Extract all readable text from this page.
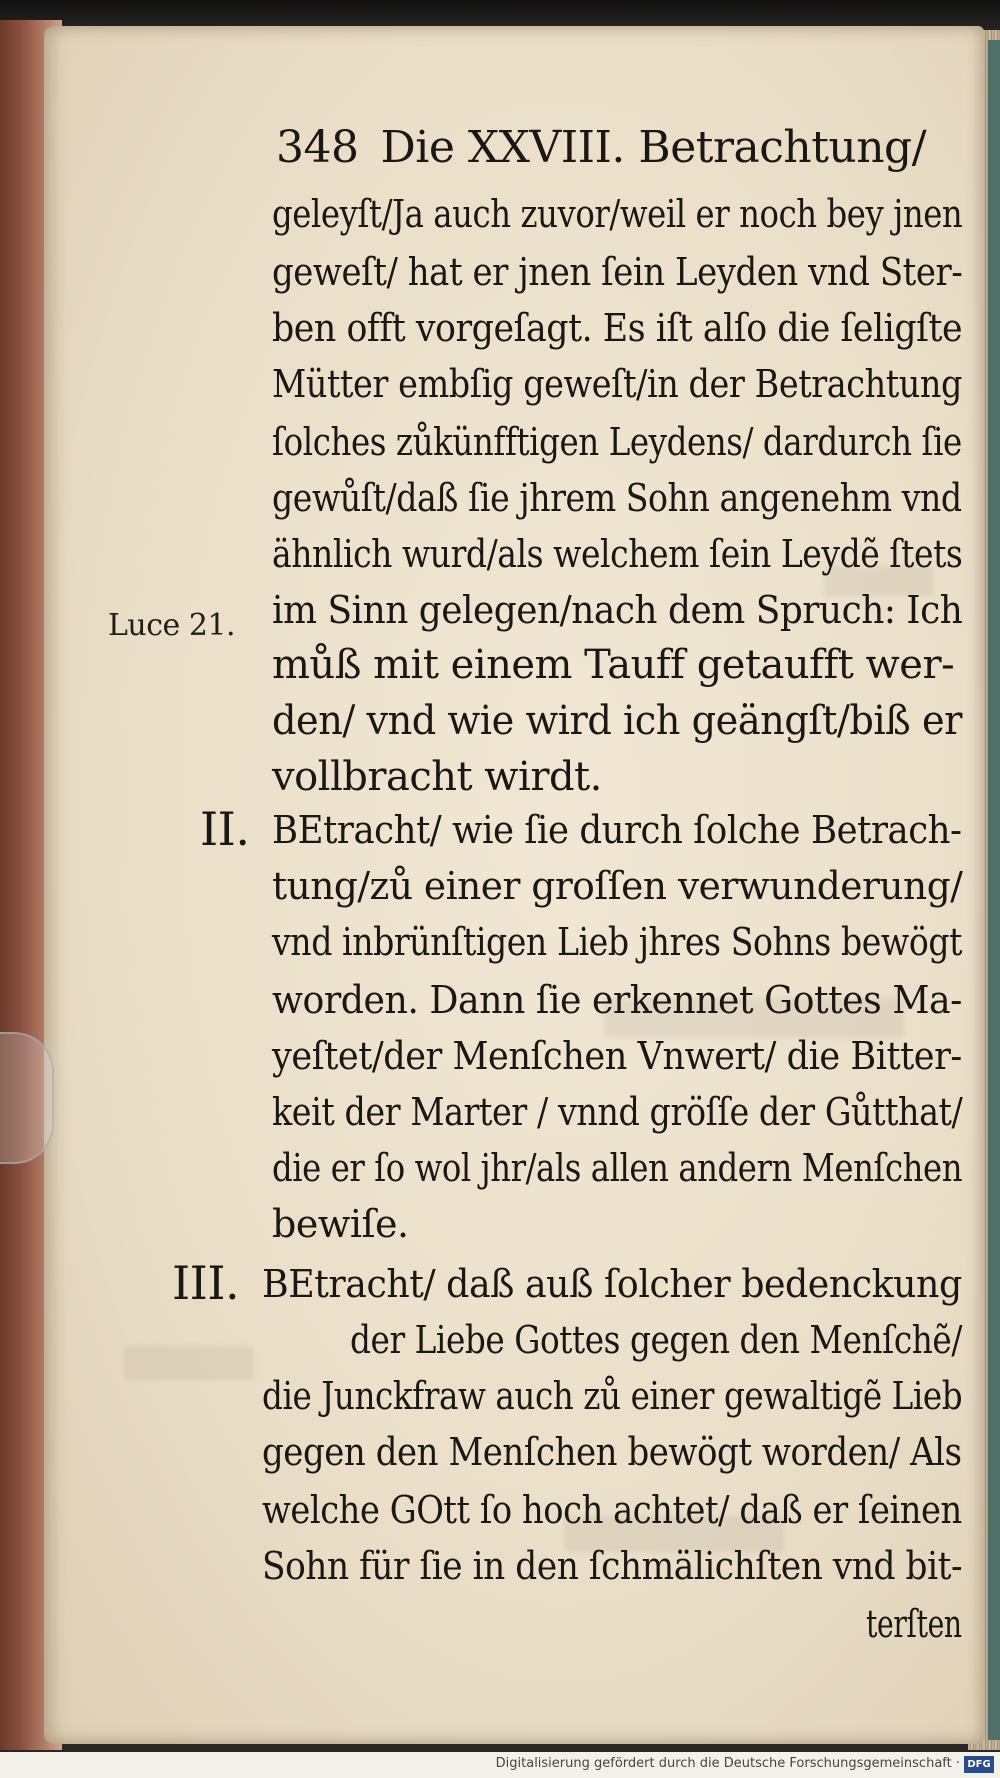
348 Die XXVIII. Betrachtung/
geleyſt/Ja auch zuvor/weil er noch bey jnen
geweſt/ hat er jnen ſein Leyden vnd Ster-
ben offt vorgeſagt. Es iſt alſo die ſeligſte
Mütter embſig geweſt/in der Betrachtung
ſolches zůkünfftigen Leydens/ dardurch ſie
gewůſt/daß ſie jhrem Sohn angenehm vnd
ähnlich wurd/als welchem ſein Leydẽ ſtets
im Sinn gelegen/nach dem Spruch: Ich
můß mit einem Tauff getaufft wer-
den/ vnd wie wird ich geängſt/biß er
vollbracht wirdt.
Luce 21.
II. BEtracht/ wie ſie durch ſolche Betrach-
tung/zů einer groſſen verwunderung/
vnd inbrünſtigen Lieb jhres Sohns bewögt
worden. Dann ſie erkennet Gottes Ma-
yeſtet/der Menſchen Vnwert/ die Bitter-
keit der Marter / vnnd gröſſe der Gůtthat/
die er ſo wol jhr/als allen andern Menſchen
bewiſe.
III. BEtracht/ daß auß ſolcher bedenckung
der Liebe Gottes gegen den Menſchẽ/
die Junckfraw auch zů einer gewaltigẽ Lieb
gegen den Menſchen bewögt worden/ Als
welche GOtt ſo hoch achtet/ daß er ſeinen
Sohn für ſie in den ſchmälichſten vnd bit-
terſten
Digitalisierung gefördert durch die Deutsche Forschungsgemeinschaft · DFG
